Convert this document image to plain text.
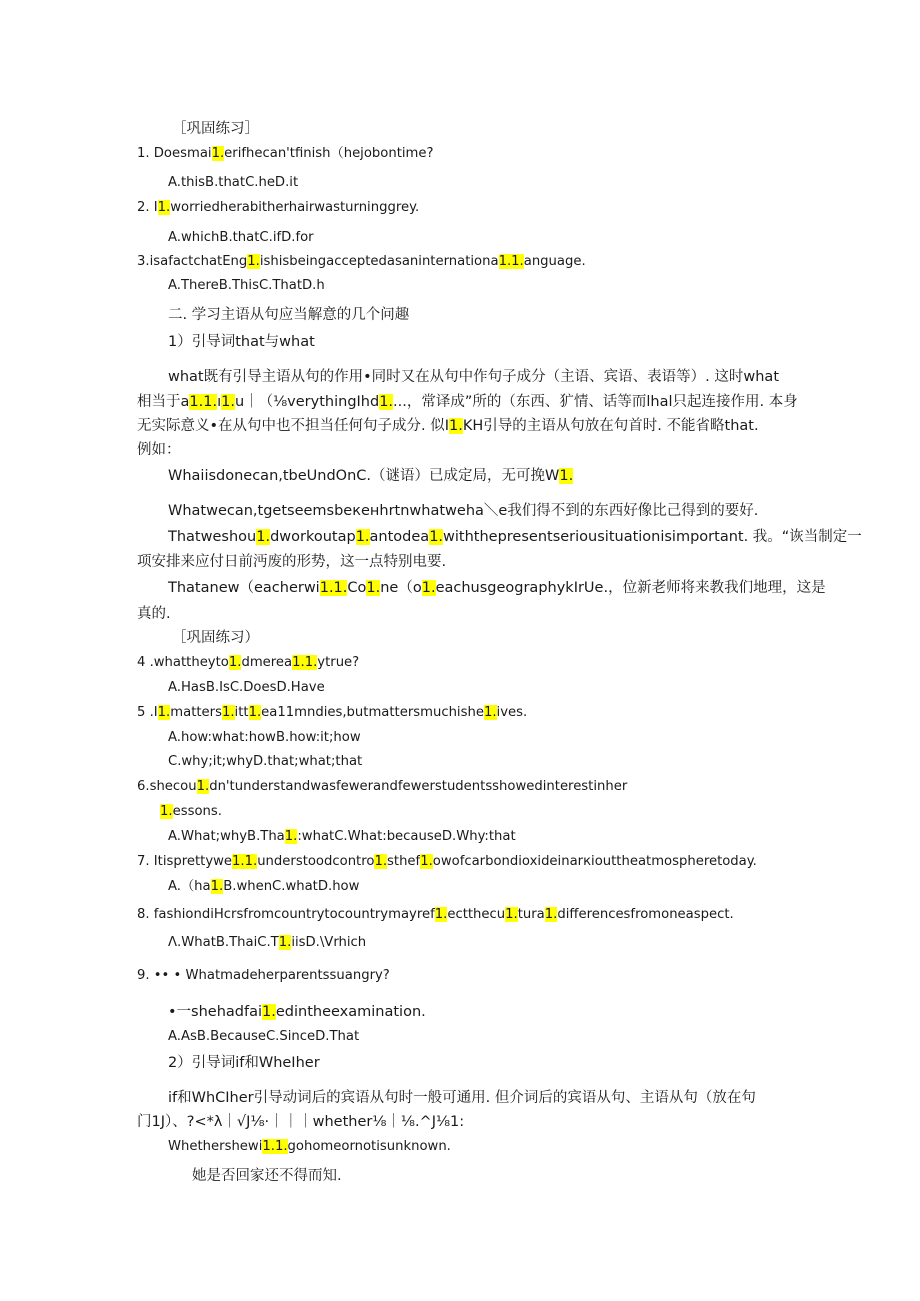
［巩固练习］
1. Doesmai1.erifhecan'tfinish（hejobontime?
A.thisB.thatC.heD.it
2. I1.worriedherabitherhairwasturninggrey.
A.whichB.thatC.ifD.for
3.isafactchatEng1.ishisbeingacceptedasaninternationa1.1.anguage.
A.ThereB.ThisC.ThatD.h
二. 学习主语从句应当解意的几个问趣
1）引导词that与what
what既有引导主语从句的作用•同时又在从句中作句子成分（主语、宾语、表语等）. 这时what
相当于a1.1.ı1.u｜（⅛verythingIhd1....，常译成”所的（东西、犷情、话等而lhal只起连接作用. 本身
无实际意义•在从句中也不担当任何句子成分. 似I1.KH引导的主语从句放在句首时. 不能省略that.
例如：
Whaiisdonecan,tbeUndOnC.（谜语）已成定局，无可挽W1.
Whatwecan,tgetseemsbeкeнhrtnwhatweha＼e我们得不到的东西好像比己得到的要好.
Thatweshou1.dworkoutap1.antodea1.withthepresentseriousituationisimportant. 我。“诙当制定一
项安排来应付日前沔废的形势，这一点特别电要.
Thatanew（eacherwi1.1.Co1.ne（o1.eachusgeographykIrUe.，位新老师将来教我们地理，这是
真的.
［巩固练习）
4 .whattheyto1.dmerea1.1.ytrue?
A.HasB.IsC.DoesD.Have
5 .I1.matters1.itt1.ea11mndies,butmattersmuchishe1.ives.
A.how:what:howB.how:it;how
C.why;it;whyD.that;what;that
6.shecou1.dn'tunderstandwasfewerandfewerstudentsshowedinterestinher
1.essons.
A.What;whyB.Tha1.:whatC.What:becauseD.Why:that
7. Itisprettywe1.1.understoodcontro1.sthef1.owofcarbondioxideinarкiouttheatmospheretoday.
A.（ha1.B.whenC.whatD.how
8. fashiondiHcrsfromcountrytocountrymayref1.ectthecu1.tura1.differencesfromoneaspect.
Λ.WhatB.ThaiC.T1.iisD.\Vrhich
9. •• • Whatmadeherparentssuangry?
•一shehadfai1.edintheexamination.
A.AsB.BecauseC.SinceD.That
2）引导词if和WheIher
if和WhCIher引导动词后的宾语从句时一般可通用. 但介词后的宾语从句、主语从句（放在句
门1J）、?<*λ｜√J⅛·｜｜｜whether⅛｜⅛.^J⅛1:
Whethershewi1.1.gohomeornotisunknown.
她是否回家还不得而知.
